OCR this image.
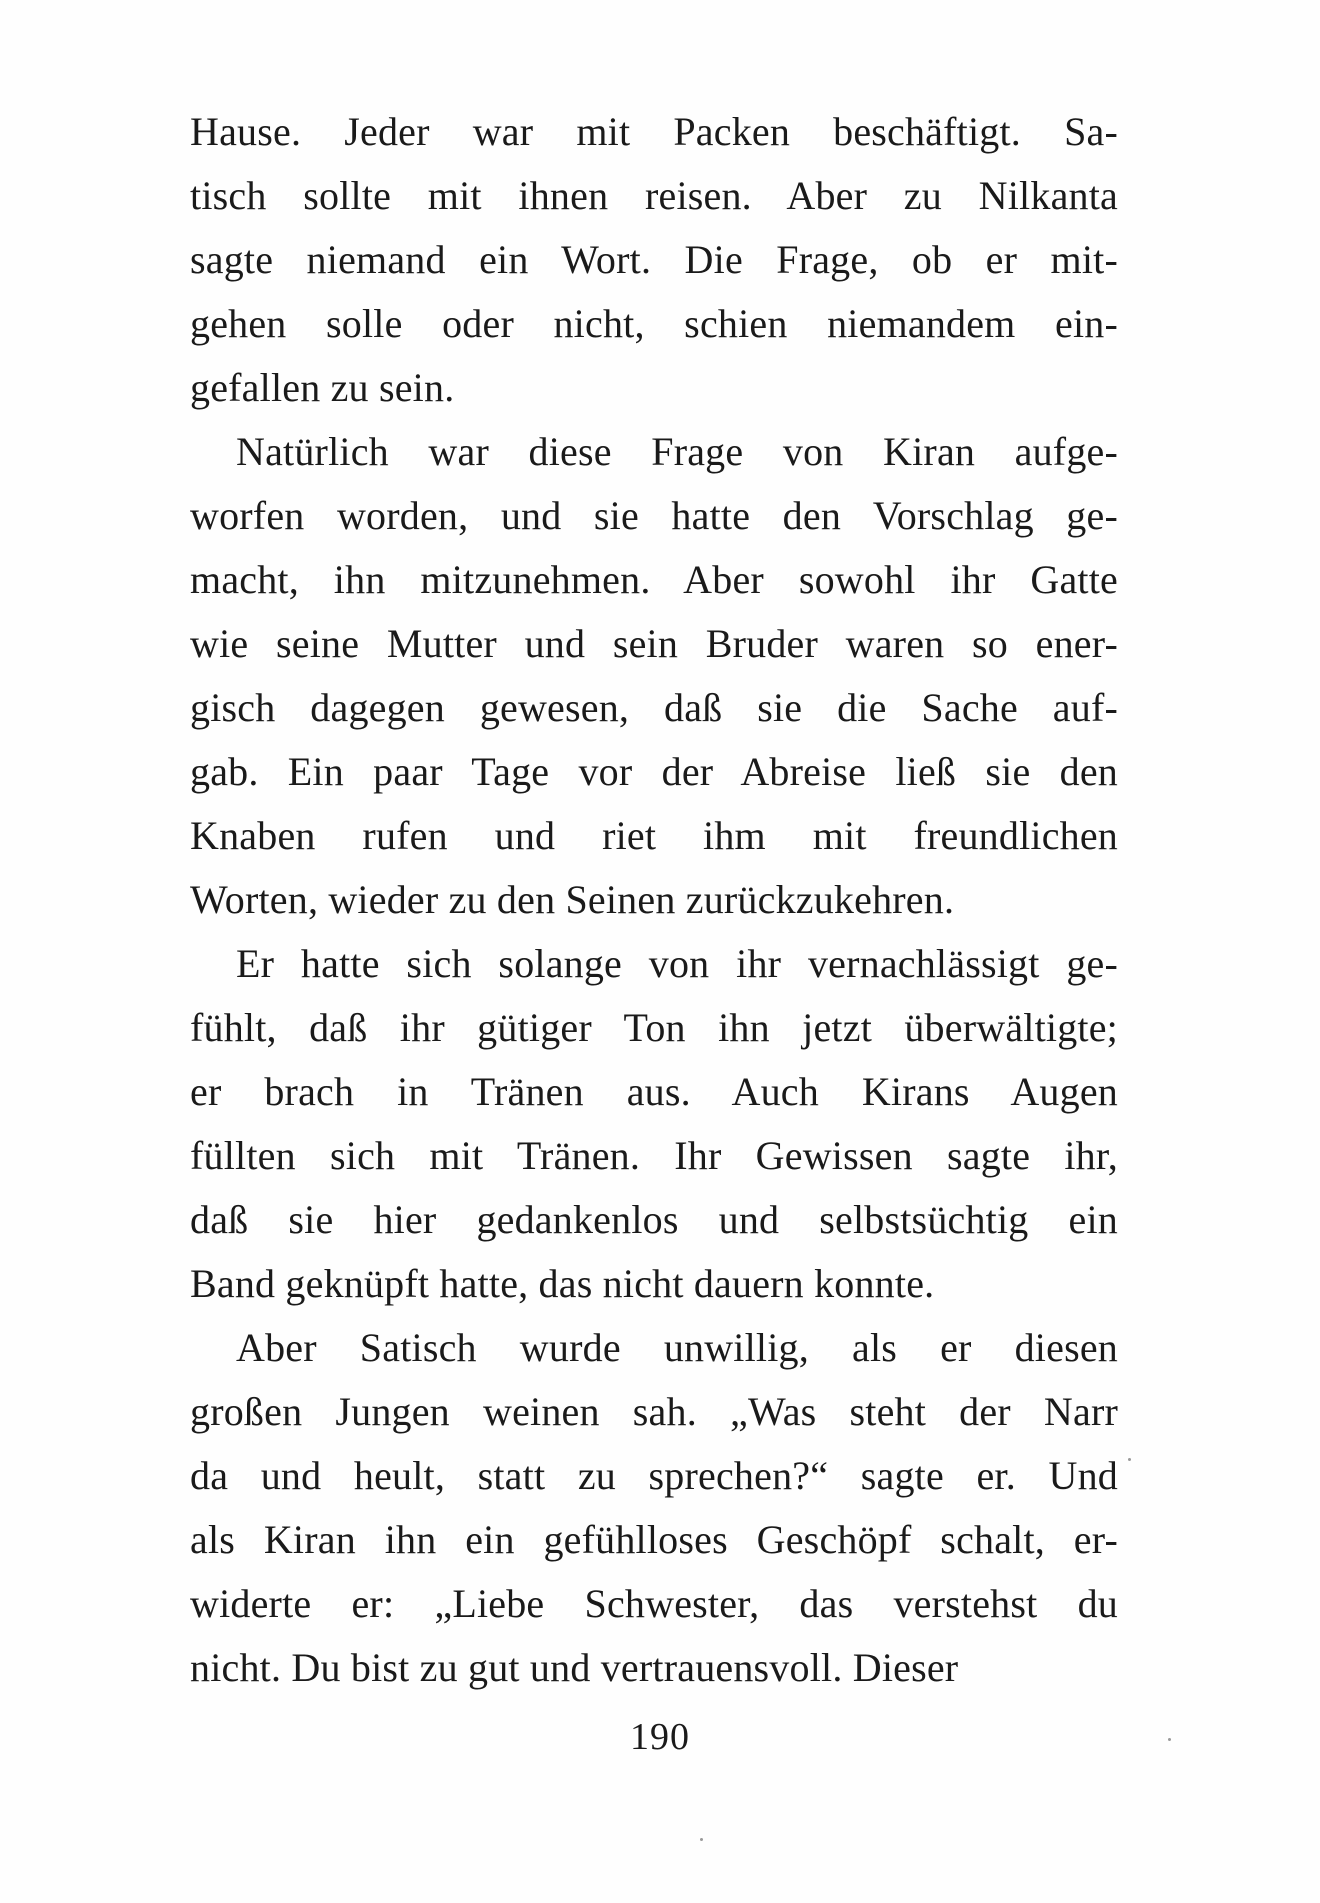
Hause. Jeder war mit Packen beschäftigt. Sa-
tisch sollte mit ihnen reisen. Aber zu Nilkanta
sagte niemand ein Wort. Die Frage, ob er mit-
gehen solle oder nicht, schien niemandem ein-
gefallen zu sein.
Natürlich war diese Frage von Kiran aufge-
worfen worden, und sie hatte den Vorschlag ge-
macht, ihn mitzunehmen. Aber sowohl ihr Gatte
wie seine Mutter und sein Bruder waren so ener-
gisch dagegen gewesen, daß sie die Sache auf-
gab. Ein paar Tage vor der Abreise ließ sie den
Knaben rufen und riet ihm mit freundlichen
Worten, wieder zu den Seinen zurückzukehren.
Er hatte sich solange von ihr vernachlässigt ge-
fühlt, daß ihr gütiger Ton ihn jetzt überwältigte;
er brach in Tränen aus. Auch Kirans Augen
füllten sich mit Tränen. Ihr Gewissen sagte ihr,
daß sie hier gedankenlos und selbstsüchtig ein
Band geknüpft hatte, das nicht dauern konnte.
Aber Satisch wurde unwillig, als er diesen
großen Jungen weinen sah. „Was steht der Narr
da und heult, statt zu sprechen?“ sagte er. Und
als Kiran ihn ein gefühlloses Geschöpf schalt, er-
widerte er: „Liebe Schwester, das verstehst du
nicht. Du bist zu gut und vertrauensvoll. Dieser
190
